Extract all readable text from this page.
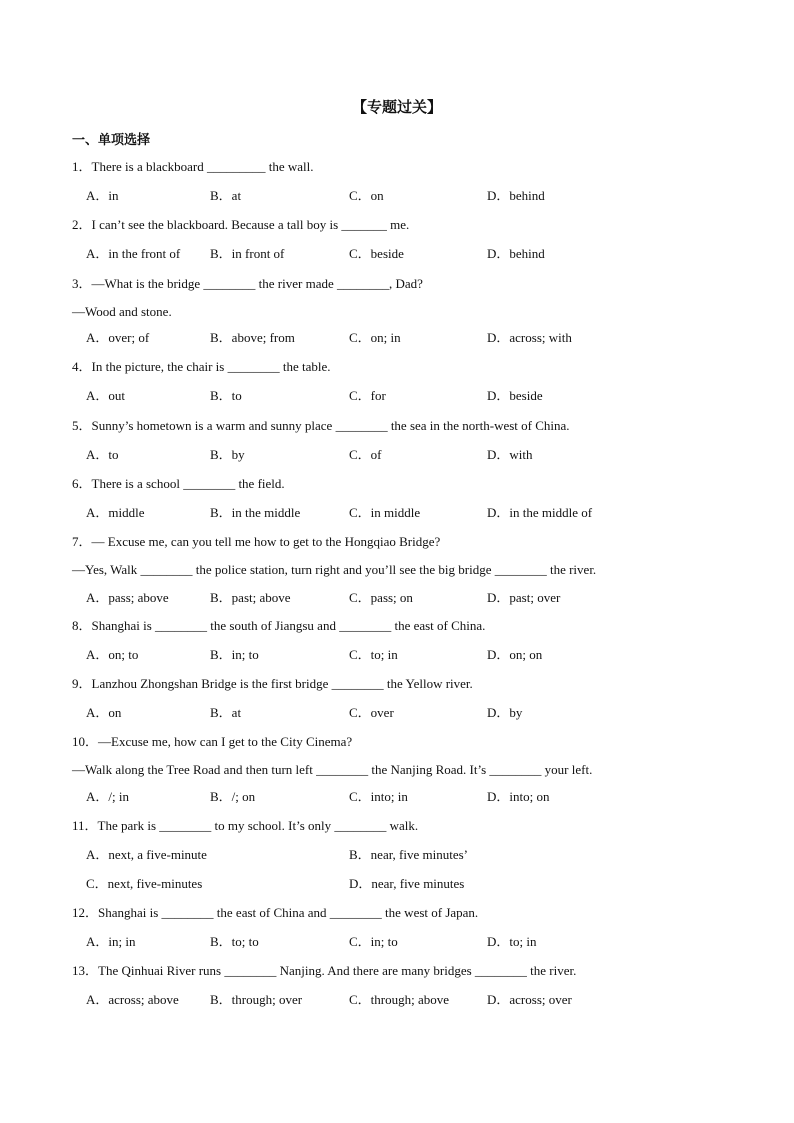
【专题过关】
一、单项选择
1．There is a blackboard _________ the wall.
A．in	B．at	C．on	D．behind
2．I can’t see the blackboard. Because a tall boy is _______ me.
A．in the front of B．in front of	C．beside	D．behind
3．—What is the bridge ________ the river made ________, Dad?
—Wood and stone.
A．over; of	B．above; from	C．on; in	D．across; with
4．In the picture, the chair is ________ the table.
A．out	B．to	C．for	D．beside
5．Sunny’s hometown is a warm and sunny place ________ the sea in the north-west of China.
A．to	B．by	C．of	D．with
6．There is a school ________ the field.
A．middle	B．in the middle	C．in middle	D．in the middle of
7．— Excuse me, can you tell me how to get to the Hongqiao Bridge?
—Yes, Walk ________ the police station, turn right and you’ll see the big bridge ________ the river.
A．pass; above	B．past; above	C．pass; on	D．past; over
8．Shanghai is ________ the south of Jiangsu and ________ the east of China.
A．on; to	B．in; to	C．to; in	D．on; on
9．Lanzhou Zhongshan Bridge is the first bridge ________ the Yellow river.
A．on	B．at	C．over	D．by
10．—Excuse me, how can I get to the City Cinema?
—Walk along the Tree Road and then turn left ________ the Nanjing Road. It’s ________ your left.
A．/; in	B．/; on	C．into; in	D．into; on
11．The park is ________ to my school. It’s only ________ walk.
A．next, a five-minute	B．near, five minutes’
C．next, five-minutes	D．near, five minutes
12．Shanghai is ________ the east of China and ________ the west of Japan.
A．in; in	B．to; to	C．in; to	D．to; in
13．The Qinhuai River runs ________ Nanjing. And there are many bridges ________ the river.
A．across; above B．through; over	C．through; above	D．across; over
